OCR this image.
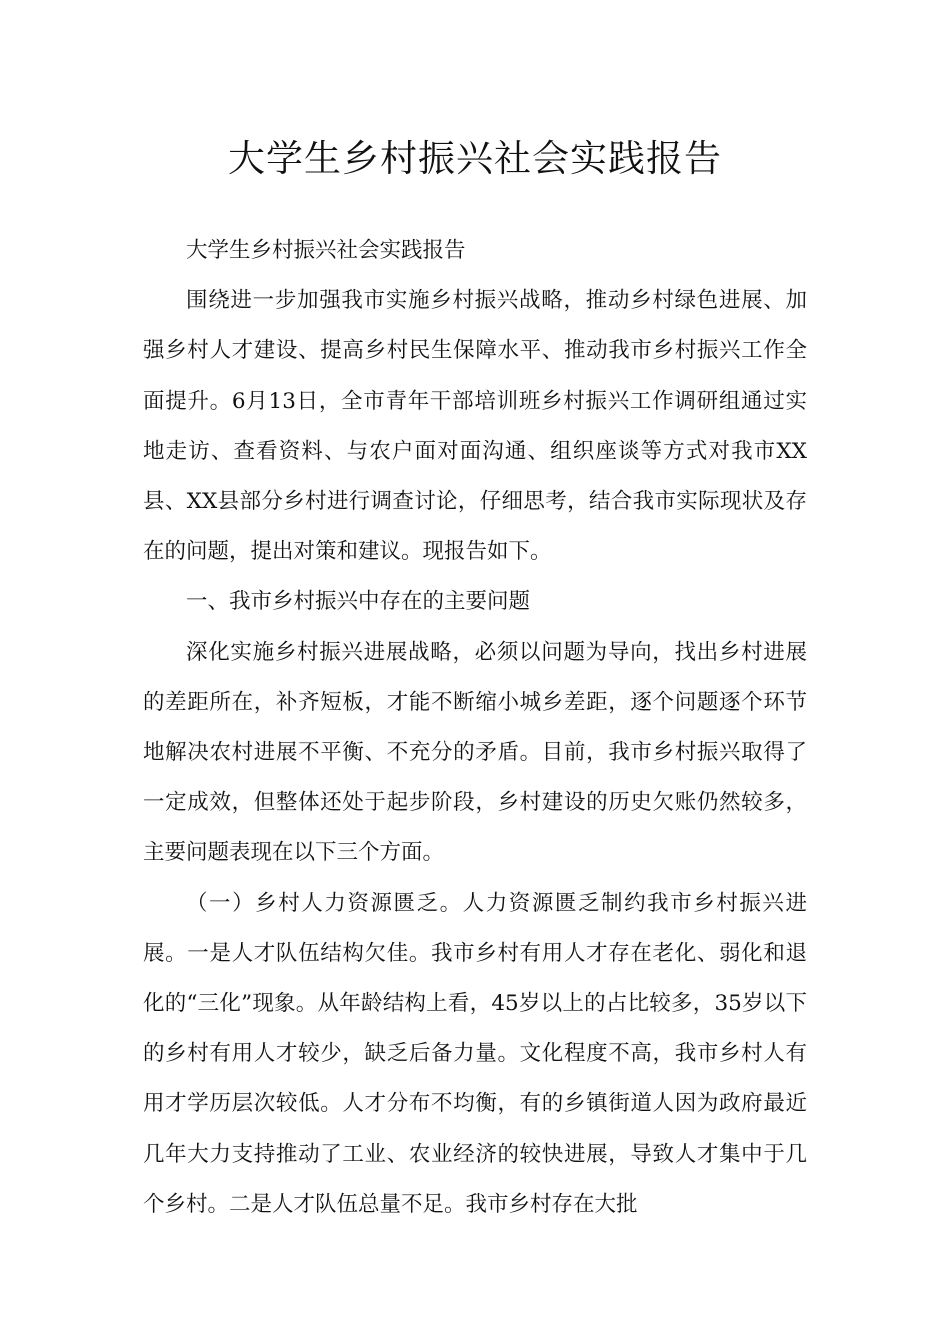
大学生乡村振兴社会实践报告

大学生乡村振兴社会实践报告

围绕进一步加强我市实施乡村振兴战略，推动乡村绿色进展、加强乡村人才建设、提高乡村民生保障水平、推动我市乡村振兴工作全面提升。6月13日，全市青年干部培训班乡村振兴工作调研组通过实地走访、查看资料、与农户面对面沟通、组织座谈等方式对我市XX县、XX县部分乡村进行调查讨论，仔细思考，结合我市实际现状及存在的问题，提出对策和建议。现报告如下。

一、我市乡村振兴中存在的主要问题

深化实施乡村振兴进展战略，必须以问题为导向，找出乡村进展的差距所在，补齐短板，才能不断缩小城乡差距，逐个问题逐个环节地解决农村进展不平衡、不充分的矛盾。目前，我市乡村振兴取得了一定成效，但整体还处于起步阶段，乡村建设的历史欠账仍然较多，主要问题表现在以下三个方面。

（一）乡村人力资源匮乏。人力资源匮乏制约我市乡村振兴进展。一是人才队伍结构欠佳。我市乡村有用人才存在老化、弱化和退化的“三化”现象。从年龄结构上看，45岁以上的占比较多，35岁以下的乡村有用人才较少，缺乏后备力量。文化程度不高，我市乡村人有用才学历层次较低。人才分布不均衡，有的乡镇街道人因为政府最近几年大力支持推动了工业、农业经济的较快进展，导致人才集中于几个乡村。二是人才队伍总量不足。我市乡村存在大批
